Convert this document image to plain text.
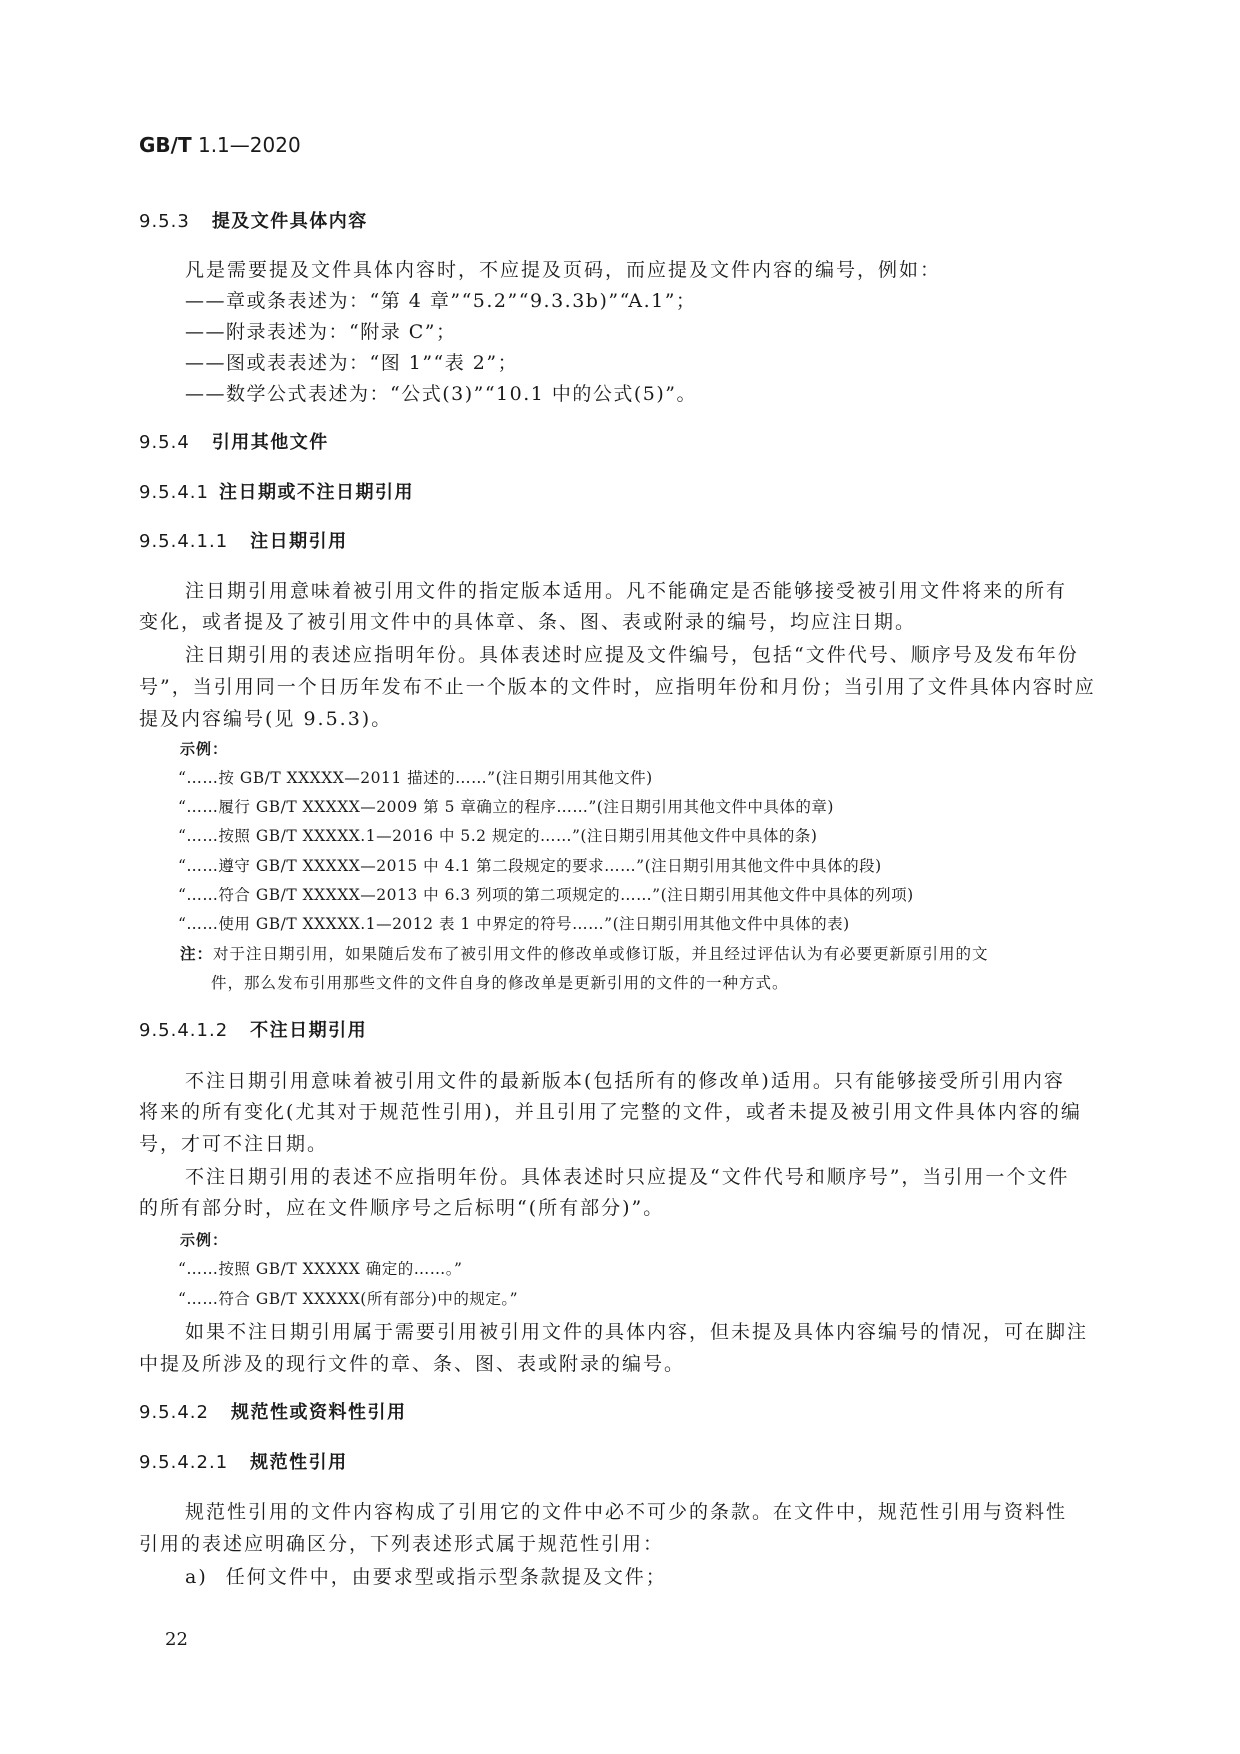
GB/T 1.1—2020
9.5.3 提及文件具体内容
凡是需要提及文件具体内容时，不应提及页码，而应提及文件内容的编号，例如：
——章或条表述为：“第 4 章”“5.2”“9.3.3b)”“A.1”；
——附录表述为：“附录 C”；
——图或表表述为：“图 1”“表 2”；
——数学公式表述为：“公式(3)”“10.1 中的公式(5)”。
9.5.4 引用其他文件
9.5.4.1 注日期或不注日期引用
9.5.4.1.1 注日期引用
注日期引用意味着被引用文件的指定版本适用。凡不能确定是否能够接受被引用文件将来的所有
变化，或者提及了被引用文件中的具体章、条、图、表或附录的编号，均应注日期。
注日期引用的表述应指明年份。具体表述时应提及文件编号，包括“文件代号、顺序号及发布年份
号”，当引用同一个日历年发布不止一个版本的文件时，应指明年份和月份；当引用了文件具体内容时应
提及内容编号(见 9.5.3)。
示例：
“……按 GB/T XXXXX—2011 描述的……”(注日期引用其他文件)
“……履行 GB/T XXXXX—2009 第 5 章确立的程序……”(注日期引用其他文件中具体的章)
“……按照 GB/T XXXXX.1—2016 中 5.2 规定的……”(注日期引用其他文件中具体的条)
“……遵守 GB/T XXXXX—2015 中 4.1 第二段规定的要求……”(注日期引用其他文件中具体的段)
“……符合 GB/T XXXXX—2013 中 6.3 列项的第二项规定的……”(注日期引用其他文件中具体的列项)
“……使用 GB/T XXXXX.1—2012 表 1 中界定的符号……”(注日期引用其他文件中具体的表)
注：对于注日期引用，如果随后发布了被引用文件的修改单或修订版，并且经过评估认为有必要更新原引用的文
件，那么发布引用那些文件的文件自身的修改单是更新引用的文件的一种方式。
9.5.4.1.2 不注日期引用
不注日期引用意味着被引用文件的最新版本(包括所有的修改单)适用。只有能够接受所引用内容
将来的所有变化(尤其对于规范性引用)，并且引用了完整的文件，或者未提及被引用文件具体内容的编
号，才可不注日期。
不注日期引用的表述不应指明年份。具体表述时只应提及“文件代号和顺序号”，当引用一个文件
的所有部分时，应在文件顺序号之后标明“(所有部分)”。
示例：
“……按照 GB/T XXXXX 确定的……。”
“……符合 GB/T XXXXX(所有部分)中的规定。”
如果不注日期引用属于需要引用被引用文件的具体内容，但未提及具体内容编号的情况，可在脚注
中提及所涉及的现行文件的章、条、图、表或附录的编号。
9.5.4.2 规范性或资料性引用
9.5.4.2.1 规范性引用
规范性引用的文件内容构成了引用它的文件中必不可少的条款。在文件中，规范性引用与资料性
引用的表述应明确区分，下列表述形式属于规范性引用：
a) 任何文件中，由要求型或指示型条款提及文件；
22
